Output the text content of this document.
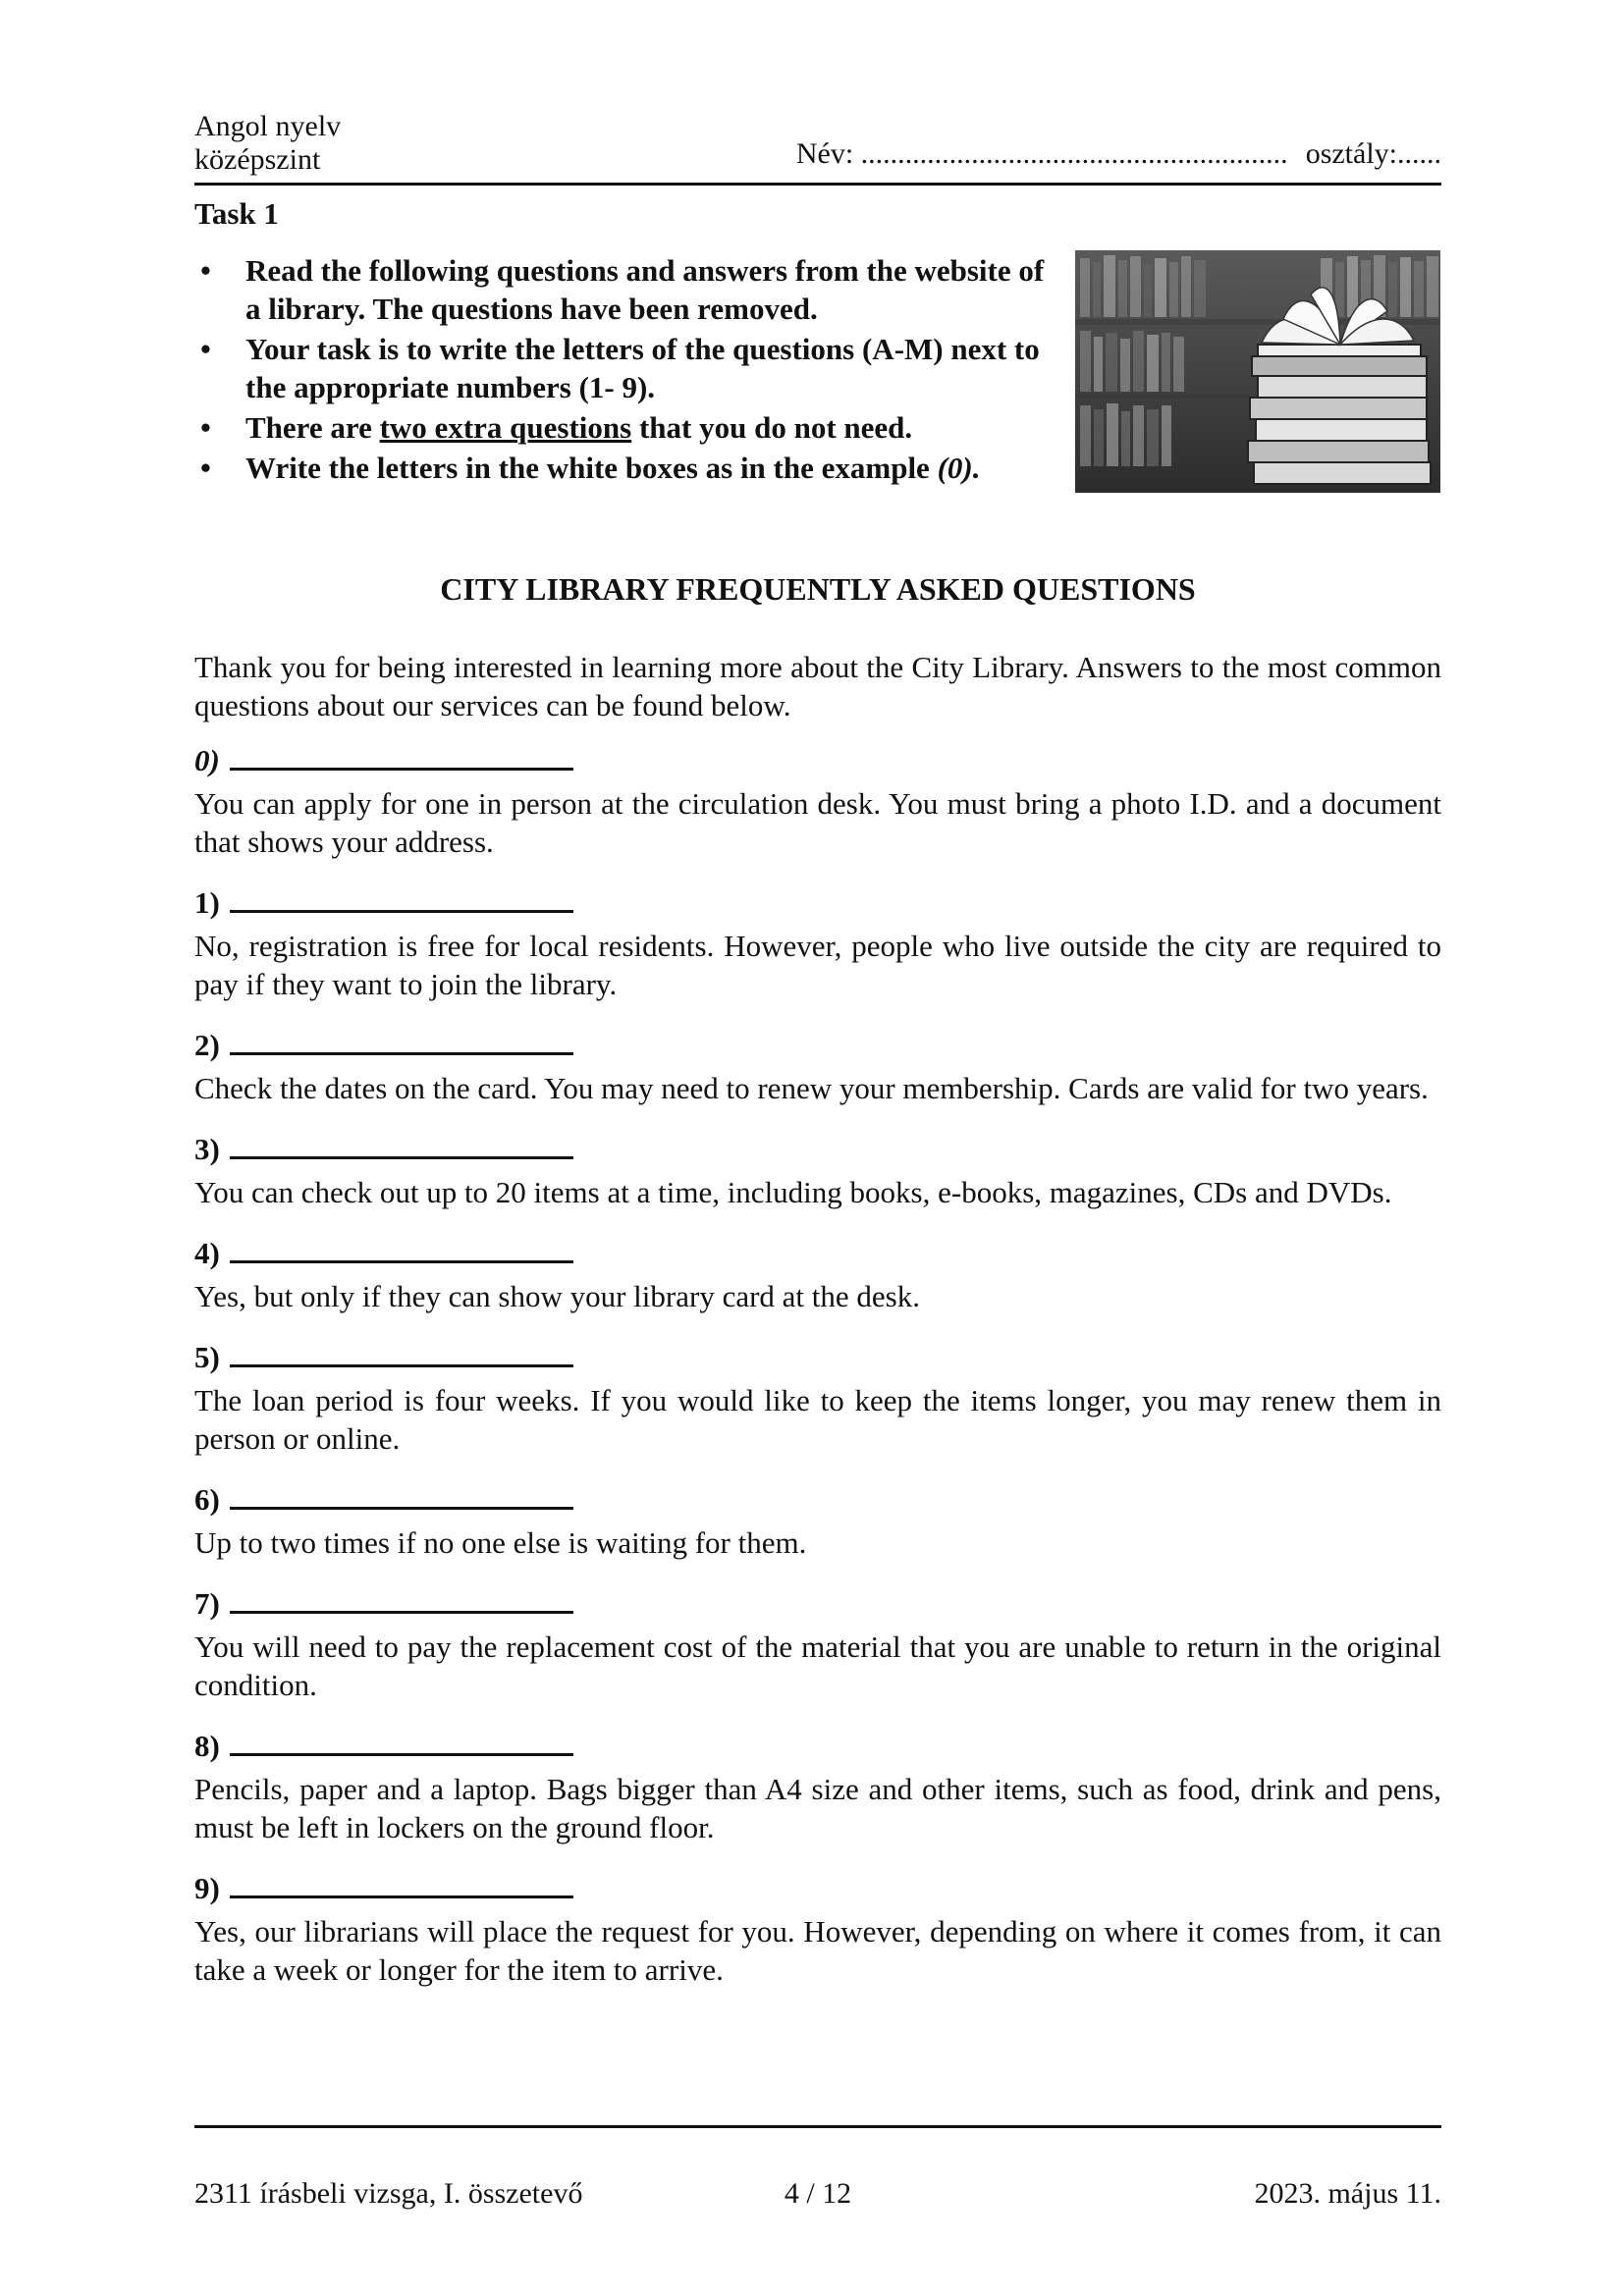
Angol nyelv
középszint	Név: .......................................................... osztály:......
Task 1
• Read the following questions and answers from the website of a library. The questions have been removed.
• Your task is to write the letters of the questions (A-M) next to the appropriate numbers (1- 9).
• There are two extra questions that you do not need.
• Write the letters in the white boxes as in the example (0).
CITY LIBRARY FREQUENTLY ASKED QUESTIONS
Thank you for being interested in learning more about the City Library. Answers to the most common questions about our services can be found below.
0)
You can apply for one in person at the circulation desk. You must bring a photo I.D. and a document that shows your address.
1)
No, registration is free for local residents. However, people who live outside the city are required to pay if they want to join the library.
2)
Check the dates on the card. You may need to renew your membership. Cards are valid for two years.
3)
You can check out up to 20 items at a time, including books, e-books, magazines, CDs and DVDs.
4)
Yes, but only if they can show your library card at the desk.
5)
The loan period is four weeks. If you would like to keep the items longer, you may renew them in person or online.
6)
Up to two times if no one else is waiting for them.
7)
You will need to pay the replacement cost of the material that you are unable to return in the original condition.
8)
Pencils, paper and a laptop. Bags bigger than A4 size and other items, such as food, drink and pens, must be left in lockers on the ground floor.
9)
Yes, our librarians will place the request for you. However, depending on where it comes from, it can take a week or longer for the item to arrive.
2311 írásbeli vizsga, I. összetevő	4 / 12	2023. május 11.
